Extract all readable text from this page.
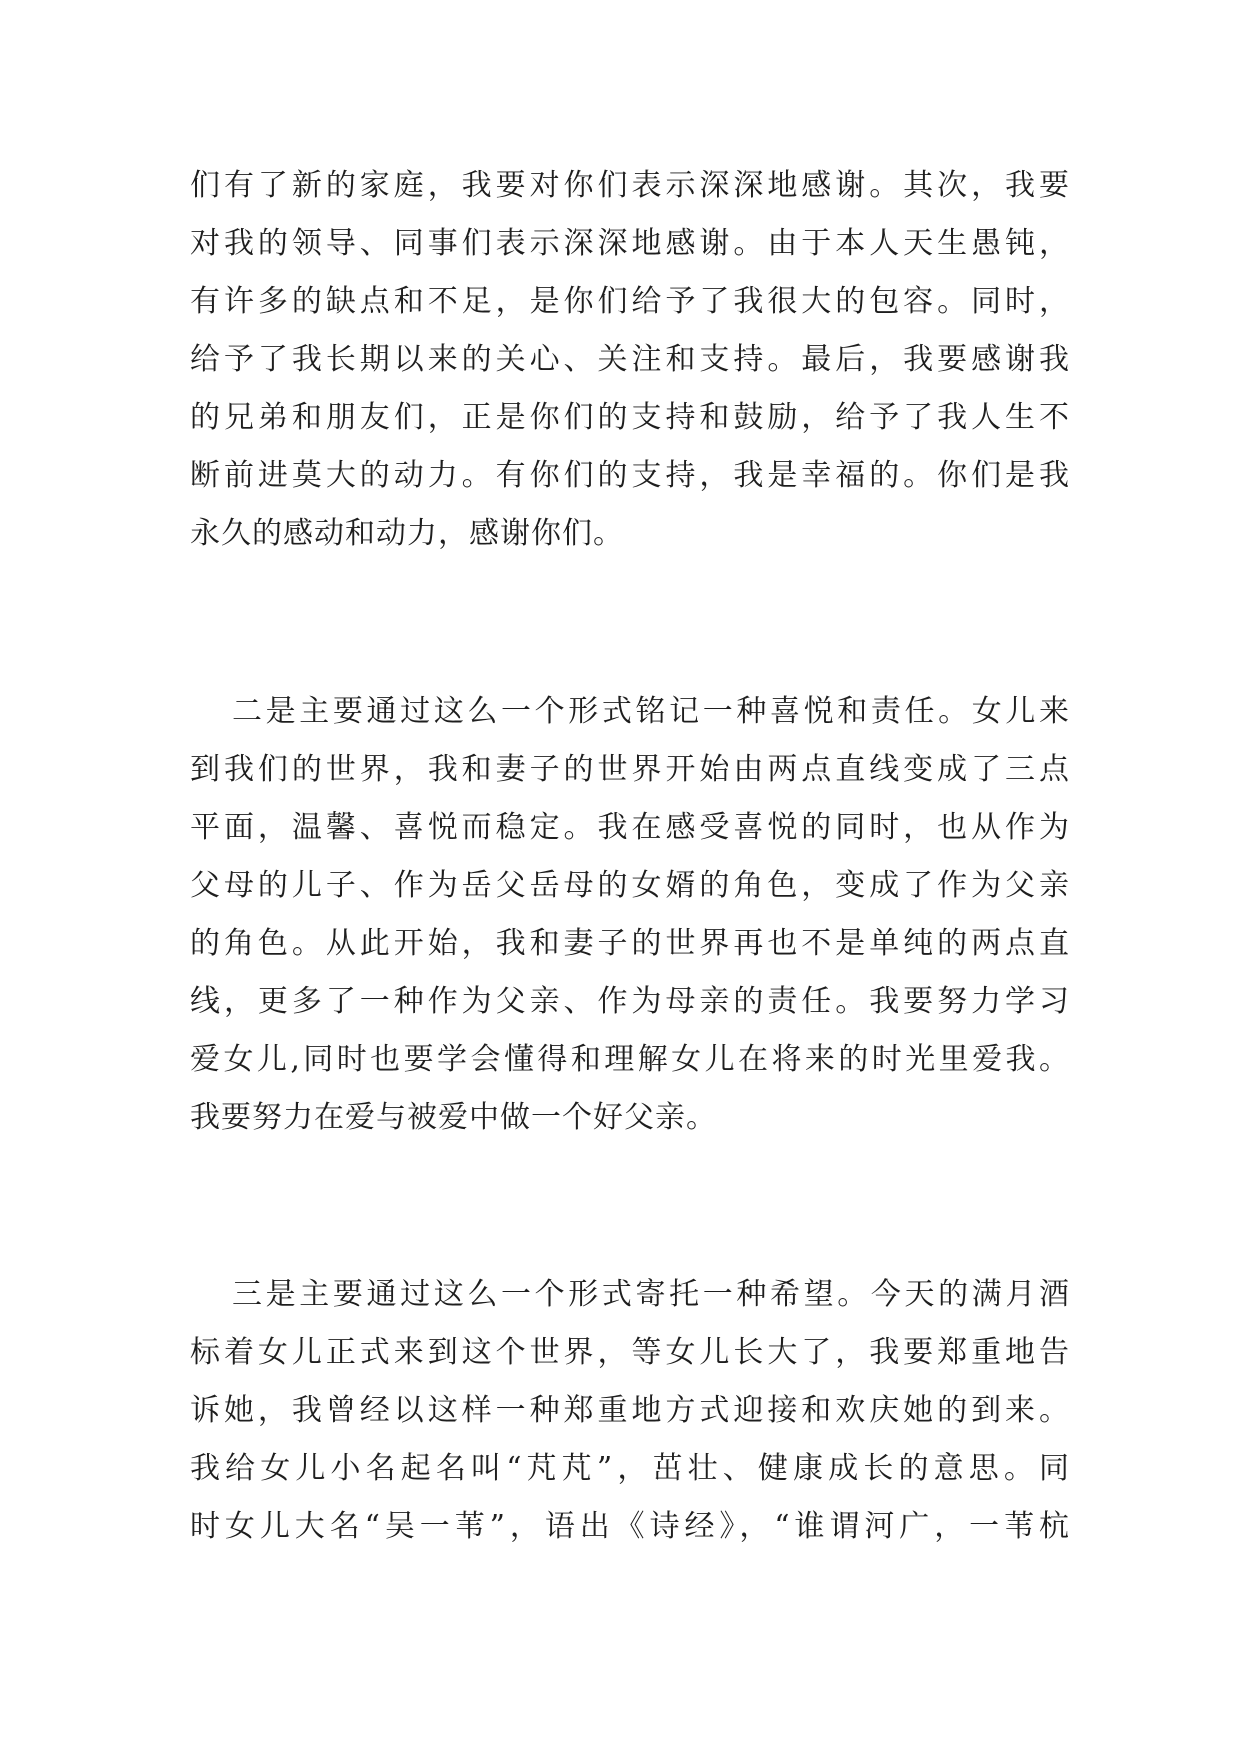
们有了新的家庭，我要对你们表示深深地感谢。其次，我要
对我的领导、同事们表示深深地感谢。由于本人天生愚钝，
有许多的缺点和不足，是你们给予了我很大的包容。同时，
给予了我长期以来的关心、关注和支持。最后，我要感谢我
的兄弟和朋友们，正是你们的支持和鼓励，给予了我人生不
断前进莫大的动力。有你们的支持，我是幸福的。你们是我
永久的感动和动力，感谢你们。
二是主要通过这么一个形式铭记一种喜悦和责任。女儿来
到我们的世界，我和妻子的世界开始由两点直线变成了三点
平面，温馨、喜悦而稳定。我在感受喜悦的同时，也从作为
父母的儿子、作为岳父岳母的女婿的角色，变成了作为父亲
的角色。从此开始，我和妻子的世界再也不是单纯的两点直
线，更多了一种作为父亲、作为母亲的责任。我要努力学习
爱女儿,同时也要学会懂得和理解女儿在将来的时光里爱我。
我要努力在爱与被爱中做一个好父亲。
三是主要通过这么一个形式寄托一种希望。今天的满月酒
标着女儿正式来到这个世界，等女儿长大了，我要郑重地告
诉她，我曾经以这样一种郑重地方式迎接和欢庆她的到来。
我给女儿小名起名叫“芃芃”，茁壮、健康成长的意思。同
时女儿大名“吴一苇”，语出《诗经》，“谁谓河广，一苇杭
